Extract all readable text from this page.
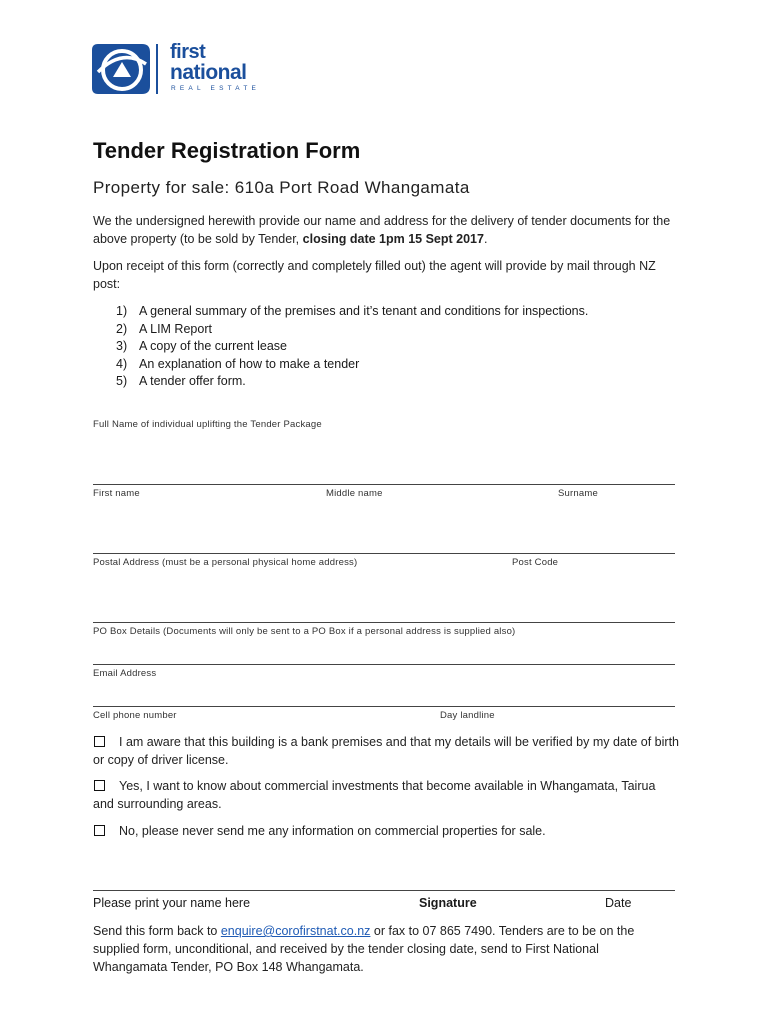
first
national
REAL ESTATE
Tender Registration Form
Property for sale: 610a Port Road Whangamata
We the undersigned herewith provide our name and address for the delivery of tender documents for the above property (to be sold by Tender, closing date 1pm 15 Sept 2017.
Upon receipt of this form (correctly and completely filled out) the agent will provide by mail through NZ post:
1) A general summary of the premises and it’s tenant and conditions for inspections.
2) A LIM Report
3) A copy of the current lease
4) An explanation of how to make a tender
5) A tender offer form.
Full Name of individual uplifting the Tender Package
First name	Middle name	Surname
Postal Address (must be a personal physical home address)	Post Code
PO Box Details (Documents will only be sent to a PO Box if a personal address is supplied also)
Email Address
Cell phone number	Day landline
I am aware that this building is a bank premises and that my details will be verified by my date of birth or copy of driver license.
Yes, I want to know about commercial investments that become available in Whangamata, Tairua and surrounding areas.
No, please never send me any information on commercial properties for sale.
Please print your name here	Signature	Date
Send this form back to enquire@corofirstnat.co.nz or fax to 07 865 7490. Tenders are to be on the supplied form, unconditional, and received by the tender closing date, send to First National Whangamata Tender, PO Box 148 Whangamata.
